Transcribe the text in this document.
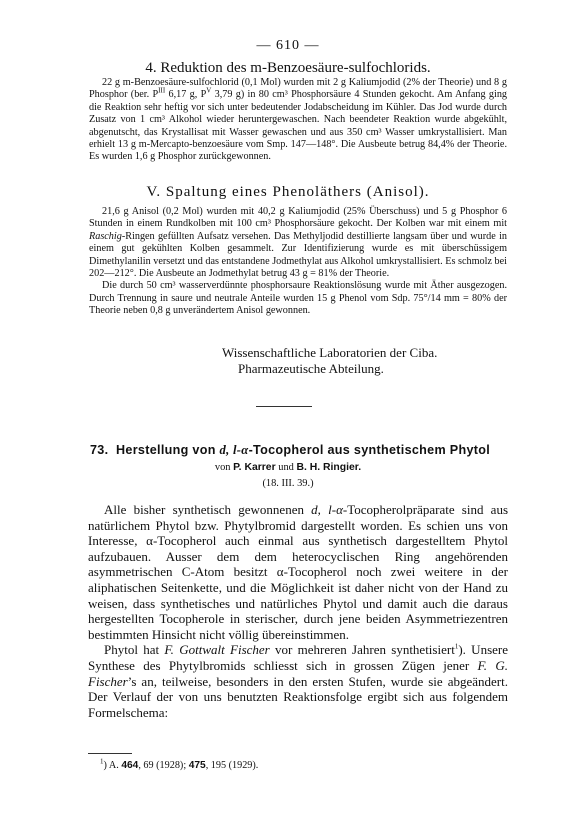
— 610 —
4. Reduktion des m-Benzoesäure-sulfochlorids.

22 g m-Benzoesäure-sulfochlorid (0,1 Mol) wurden mit 2 g Kaliumjodid (2% der Theorie) und 8 g Phosphor (ber. $P^{III}$ 6,17 g, $P^V$ 3,79 g) in 80 cm³ Phosphorsäure 4 Stunden gekocht. Am Anfang ging die Reaktion sehr heftig vor sich unter bedeutender Jodabscheidung im Kühler. Das Jod wurde durch Zusatz von 1 cm³ Alkohol wieder heruntergewaschen. Nach beendeter Reaktion wurde abgekühlt, abgenutscht, das Krystallisat mit Wasser gewaschen und aus 350 cm³ Wasser umkrystallisiert. Man erhielt 13 g m-Mercapto-benzoesäure vom Smp. 147—148°. Die Ausbeute betrug 84,4% der Theorie. Es wurden 1,6 g Phosphor zurückgewonnen.

V. Spaltung eines Phenoläthers (Anisol).

21,6 g Anisol (0,2 Mol) wurden mit 40,2 g Kaliumjodid (25% Überschuss) und 5 g Phosphor 6 Stunden in einem Rundkolben mit 100 cm³ Phosphorsäure gekocht. Der Kolben war mit einem mit Raschig-Ringen gefüllten Aufsatz versehen. Das Methyljodid destillierte langsam über und wurde in einem gut gekühlten Kolben gesammelt. Zur Identifizierung wurde es mit überschüssigem Dimethylanilin versetzt und das entstandene Jodmethylat aus Alkohol umkrystallisiert. Es schmolz bei 202—212°. Die Ausbeute an Jodmethylat betrug 43 g = 81% der Theorie.

Die durch 50 cm³ wasserverdünnte phosphorsaure Reaktionslösung wurde mit Äther ausgezogen. Durch Trennung in saure und neutrale Anteile wurden 15 g Phenol vom Sdp. 75°/14 mm = 80% der Theorie neben 0,8 g unverändertem Anisol gewonnen.

Wissenschaftliche Laboratorien der Ciba.
Pharmazeutische Abteilung.
73. Herstellung von d, l-α-Tocopherol aus synthetischem Phytol
von P. Karrer und B. H. Ringier.
(18. III. 39.)

Alle bisher synthetisch gewonnenen d, l-α-Tocopherolpräparate sind aus natürlichem Phytol bzw. Phytylbromid dargestellt worden. Es schien uns von Interesse, α-Tocopherol auch einmal aus synthetisch dargestelltem Phytol aufzubauen. Ausser dem dem heterocyclischen Ring angehörenden asymmetrischen C-Atom besitzt α-Tocopherol noch zwei weitere in der aliphatischen Seitenkette, und die Möglichkeit ist daher nicht von der Hand zu weisen, dass synthetisches und natürliches Phytol und damit auch die daraus hergestellten Tocopherole in sterischer, durch jene beiden Asymmetriezentren bestimmten Hinsicht nicht völlig übereinstimmen.

Phytol hat F. Gottwalt Fischer vor mehreren Jahren synthetisiert$^1$). Unsere Synthese des Phytylbromids schliesst sich in grossen Zügen jener F. G. Fischer’s an, teilweise, besonders in den ersten Stufen, wurde sie abgeändert. Der Verlauf der von uns benutzten Reaktionsfolge ergibt sich aus folgendem Formelschema:

$^1$) A. 464, 69 (1928); 475, 195 (1929).
